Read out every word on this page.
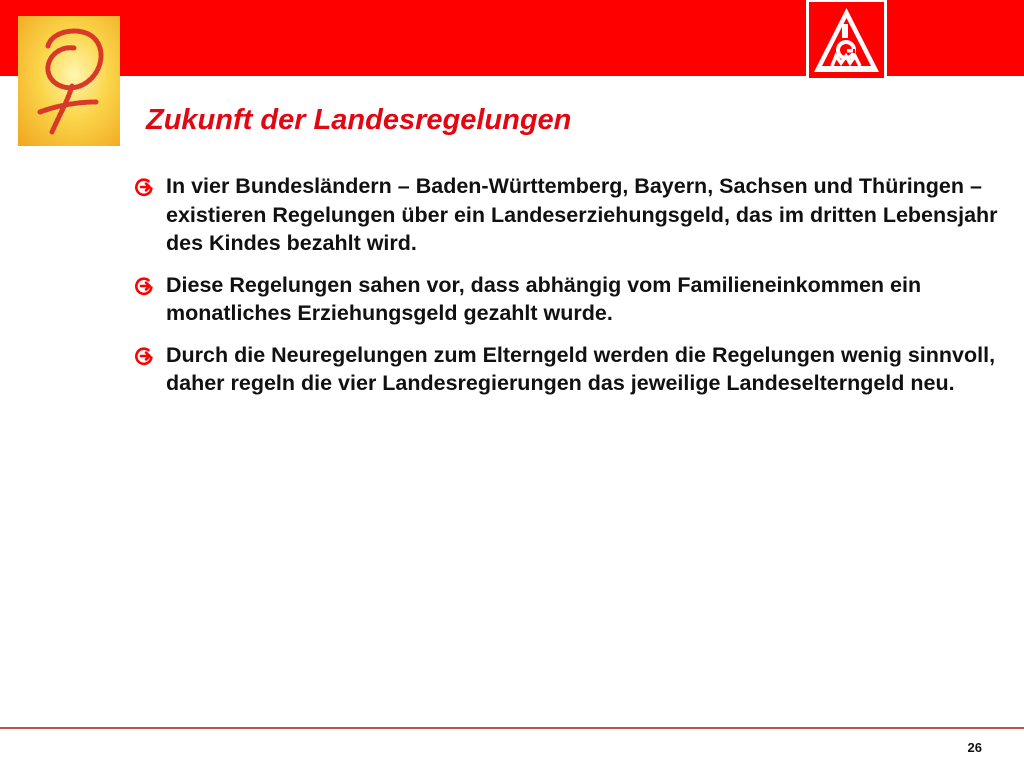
Zukunft der Landesregelungen
In vier Bundesländern – Baden-Württemberg, Bayern, Sachsen und Thüringen – existieren Regelungen über ein Landeserziehungsgeld, das im dritten Lebensjahr des Kindes bezahlt wird.
Diese Regelungen sahen vor, dass abhängig vom Familieneinkommen ein monatliches Erziehungsgeld gezahlt wurde.
Durch die Neuregelungen zum Elterngeld werden die Regelungen wenig sinnvoll, daher regeln die vier Landesregierungen das jeweilige Landeselterngeld neu.
26
